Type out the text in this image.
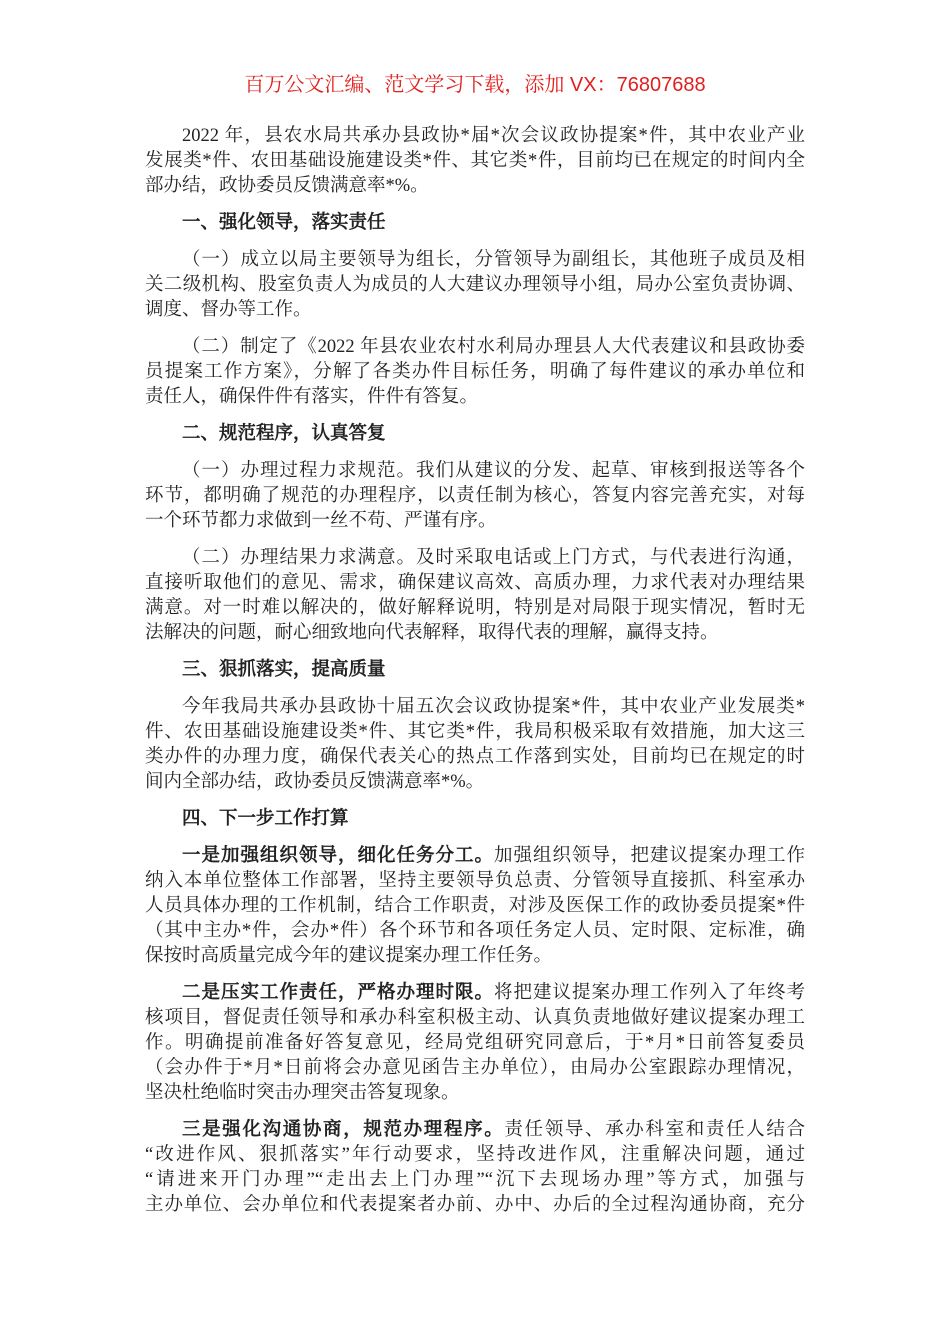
百万公文汇编、范文学习下载，添加 VX：76807688
2022 年，县农水局共承办县政协*届*次会议政协提案*件，其中农业产业
发展类*件、农田基础设施建设类*件、其它类*件，目前均已在规定的时间内全
部办结，政协委员反馈满意率*%。
一、强化领导，落实责任
（一）成立以局主要领导为组长，分管领导为副组长，其他班子成员及相
关二级机构、股室负责人为成员的人大建议办理领导小组，局办公室负责协调、
调度、督办等工作。
（二）制定了《2022 年县农业农村水利局办理县人大代表建议和县政协委
员提案工作方案》，分解了各类办件目标任务，明确了每件建议的承办单位和
责任人，确保件件有落实，件件有答复。
二、规范程序，认真答复
（一）办理过程力求规范。我们从建议的分发、起草、审核到报送等各个
环节，都明确了规范的办理程序，以责任制为核心，答复内容完善充实，对每
一个环节都力求做到一丝不苟、严谨有序。
（二）办理结果力求满意。及时采取电话或上门方式，与代表进行沟通，
直接听取他们的意见、需求，确保建议高效、高质办理，力求代表对办理结果
满意。对一时难以解决的，做好解释说明，特别是对局限于现实情况，暂时无
法解决的问题，耐心细致地向代表解释，取得代表的理解，赢得支持。
三、狠抓落实，提高质量
今年我局共承办县政协十届五次会议政协提案*件，其中农业产业发展类*
件、农田基础设施建设类*件、其它类*件，我局积极采取有效措施，加大这三
类办件的办理力度，确保代表关心的热点工作落到实处，目前均已在规定的时
间内全部办结，政协委员反馈满意率*%。
四、下一步工作打算
一是加强组织领导，细化任务分工。加强组织领导，把建议提案办理工作
纳入本单位整体工作部署，坚持主要领导负总责、分管领导直接抓、科室承办
人员具体办理的工作机制，结合工作职责，对涉及医保工作的政协委员提案*件
（其中主办*件，会办*件）各个环节和各项任务定人员、定时限、定标准，确
保按时高质量完成今年的建议提案办理工作任务。
二是压实工作责任，严格办理时限。将把建议提案办理工作列入了年终考
核项目，督促责任领导和承办科室积极主动、认真负责地做好建议提案办理工
作。明确提前准备好答复意见，经局党组研究同意后，于*月*日前答复委员
（会办件于*月*日前将会办意见函告主办单位），由局办公室跟踪办理情况，
坚决杜绝临时突击办理突击答复现象。
三是强化沟通协商，规范办理程序。责任领导、承办科室和责任人结合
“改进作风、狠抓落实”年行动要求，坚持改进作风，注重解决问题，通过
“请进来开门办理”“走出去上门办理”“沉下去现场办理”等方式，加强与
主办单位、会办单位和代表提案者办前、办中、办后的全过程沟通协商，充分
